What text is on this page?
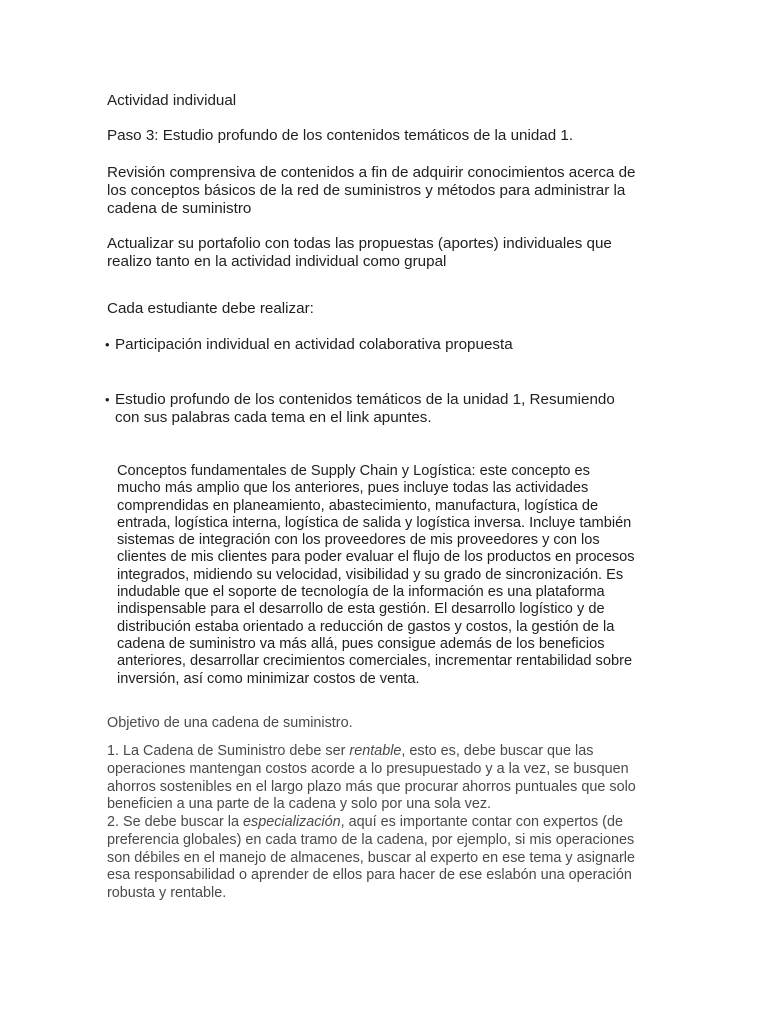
Actividad individual

Paso 3: Estudio profundo de los contenidos temáticos de la unidad 1.

Revisión comprensiva de contenidos a fin de adquirir conocimientos acerca de los conceptos básicos de la red de suministros y métodos para administrar la cadena de suministro

Actualizar su portafolio con todas las propuestas (aportes) individuales que realizo tanto en la actividad individual como grupal

Cada estudiante debe realizar:

• Participación individual en actividad colaborativa propuesta
• Estudio profundo de los contenidos temáticos de la unidad 1, Resumiendo con sus palabras cada tema en el link apuntes.

Conceptos fundamentales de Supply Chain y Logística: este concepto es mucho más amplio que los anteriores, pues incluye todas las actividades comprendidas en planeamiento, abastecimiento, manufactura, logística de entrada, logística interna, logística de salida y logística inversa. Incluye también sistemas de integración con los proveedores de mis proveedores y con los clientes de mis clientes para poder evaluar el flujo de los productos en procesos integrados, midiendo su velocidad, visibilidad y su grado de sincronización. Es indudable que el soporte de tecnología de la información es una plataforma indispensable para el desarrollo de esta gestión. El desarrollo logístico y de distribución estaba orientado a reducción de gastos y costos, la gestión de la cadena de suministro va más allá, pues consigue además de los beneficios anteriores, desarrollar crecimientos comerciales, incrementar rentabilidad sobre inversión, así como minimizar costos de venta.

Objetivo de una cadena de suministro.

1. La Cadena de Suministro debe ser rentable, esto es, debe buscar que las operaciones mantengan costos acorde a lo presupuestado y a la vez, se busquen ahorros sostenibles en el largo plazo más que procurar ahorros puntuales que solo beneficien a una parte de la cadena y solo por una sola vez.

2. Se debe buscar la especialización, aquí es importante contar con expertos (de preferencia globales) en cada tramo de la cadena, por ejemplo, si mis operaciones son débiles en el manejo de almacenes, buscar al experto en ese tema y asignarle esa responsabilidad o aprender de ellos para hacer de ese eslabón una operación robusta y rentable.
